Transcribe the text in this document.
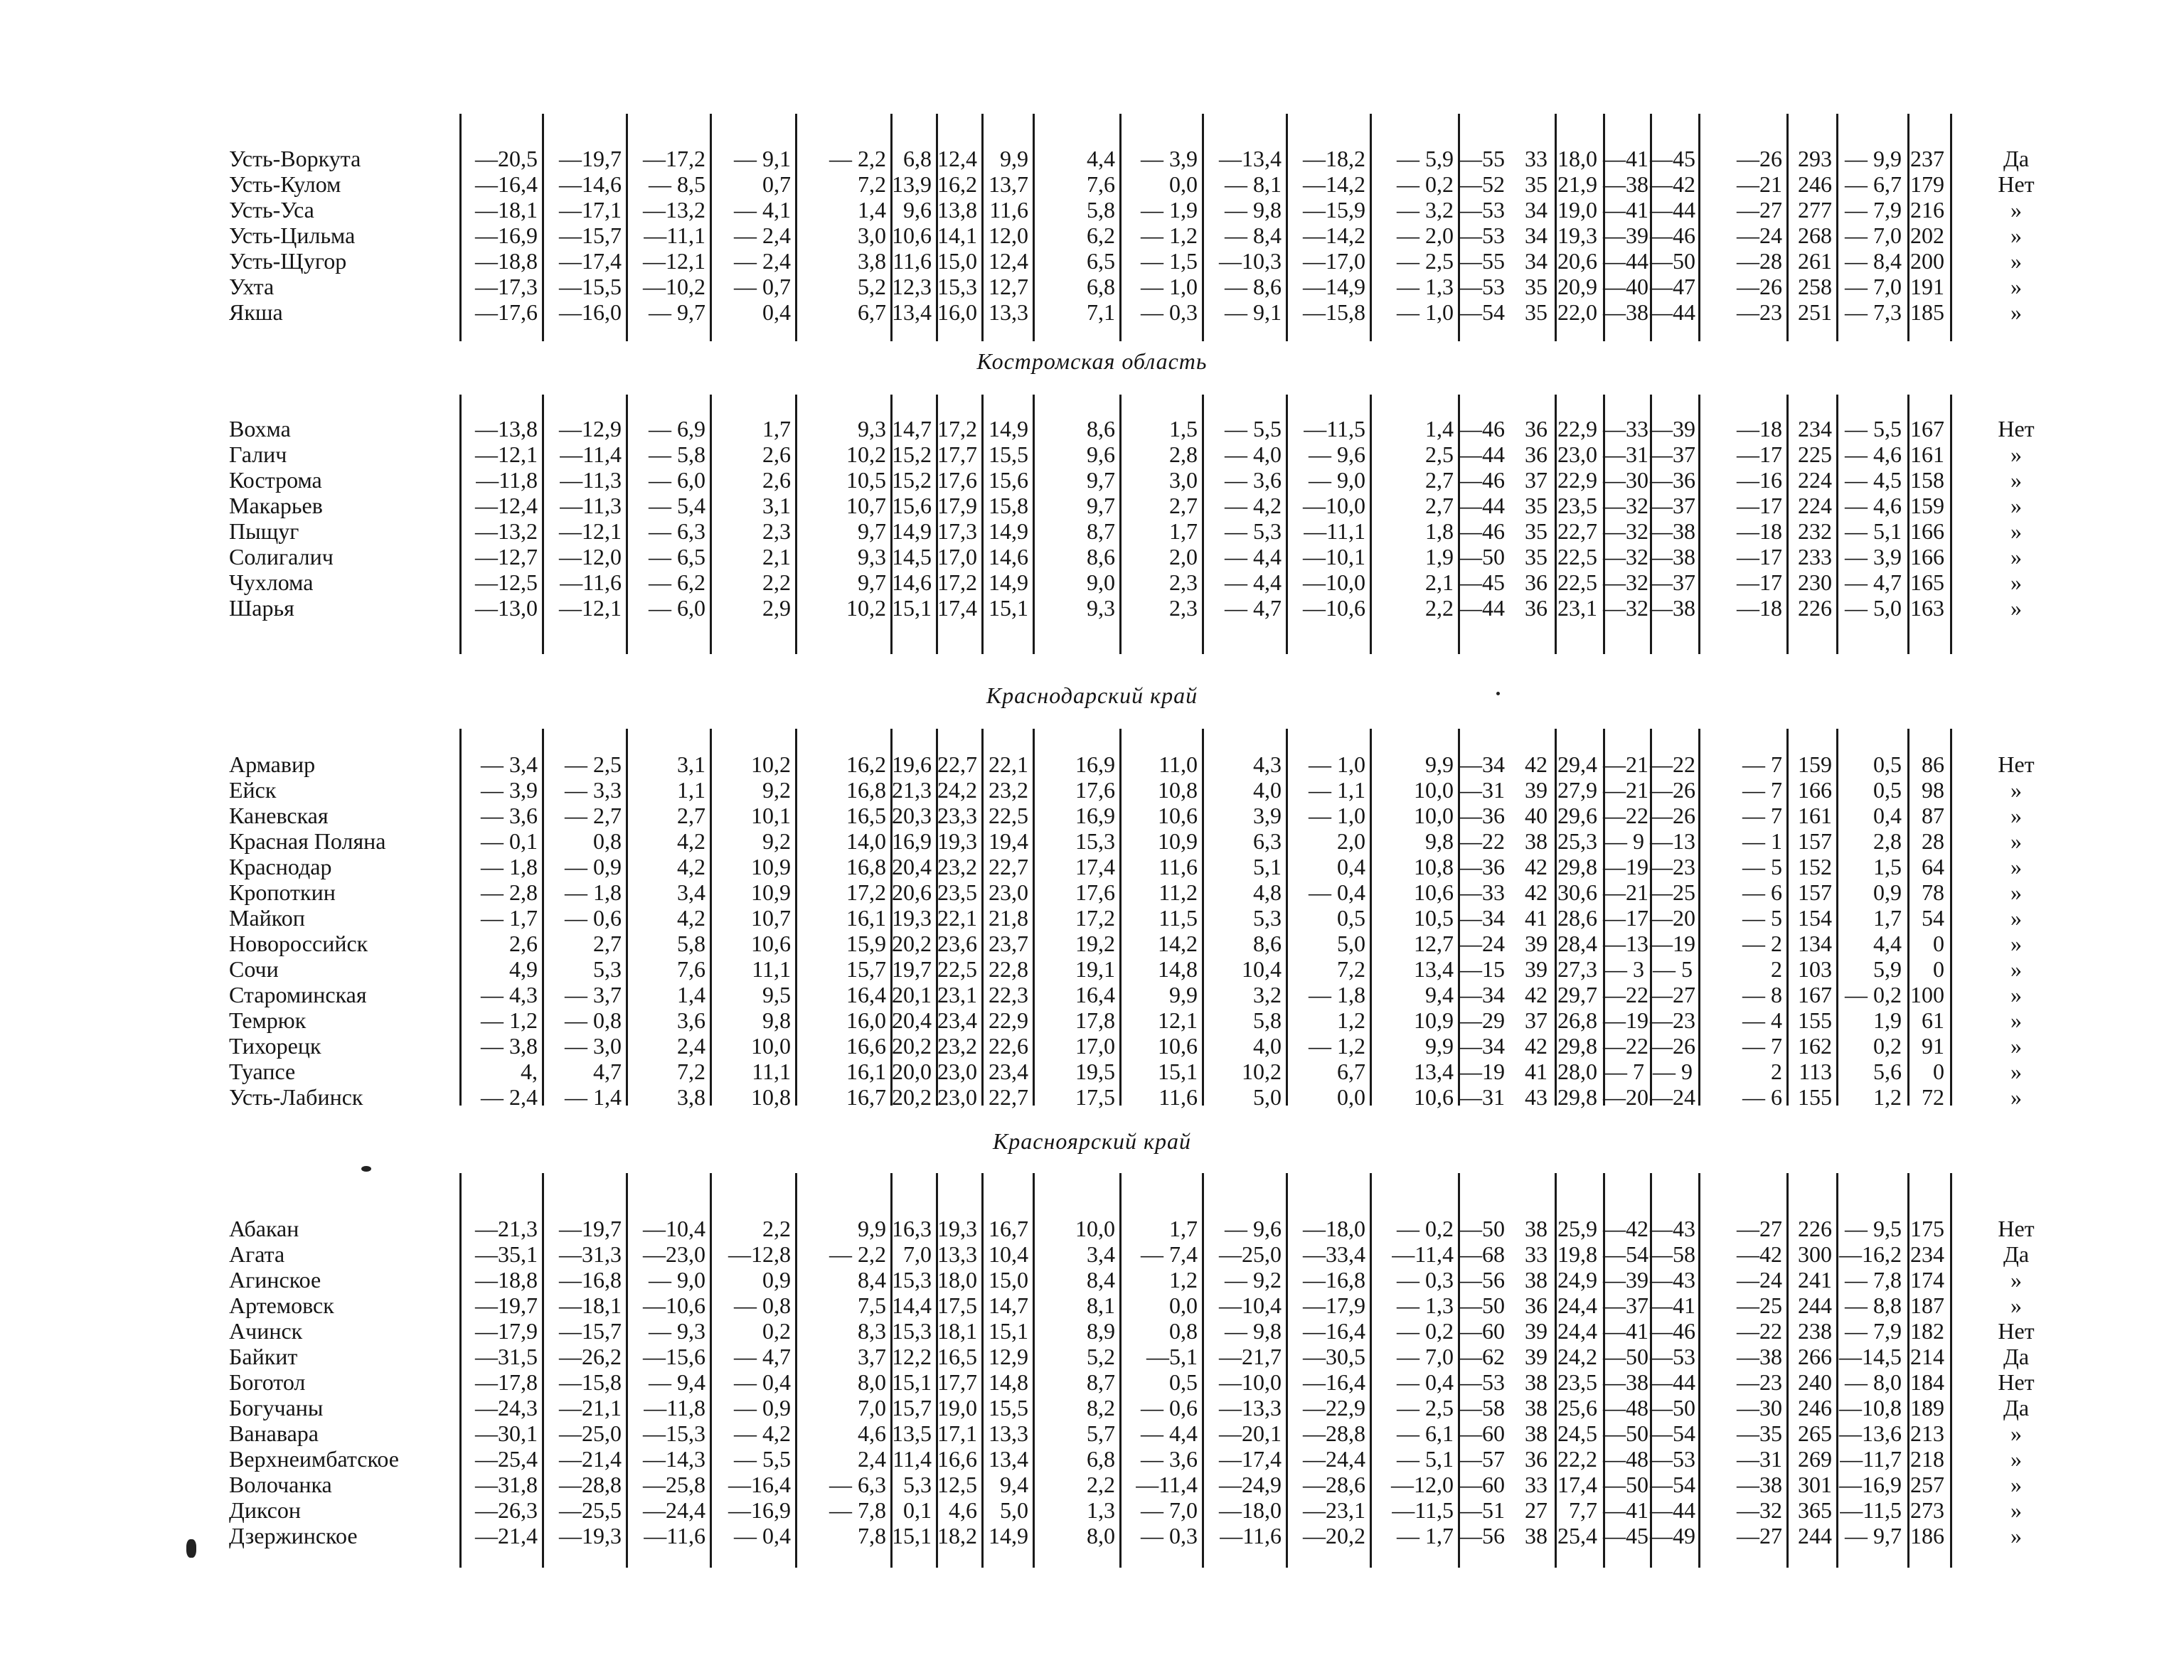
Усть-Воркута	—20,5 —19,7 —17,2	— 9,1	— 2,2 6,8 12,4	9,9	4,4	— 3,9 —13,4 —18,2	— 5,9 —55 33 18,0 —41 —45	—26 293 — 9,9 237	Да
Усть-Кулом	—16,4 —14,6	— 8,5	0,7	7,2 13,9 16,2 13,7	7,6	0,0	— 8,1 —14,2	— 0,2 —52 35 21,9 —38 —42	—21 246 — 6,7 179	Нет
Усть-Уса	—18,1 —17,1 —13,2	— 4,1	1,4 9,6 13,8 11,6	5,8	— 1,9	— 9,8 —15,9	— 3,2 —53 34 19,0 —41 —44	—27 277 — 7,9 216	»
Усть-Цильма	—16,9 —15,7 —11,1	— 2,4	3,0 10,6 14,1 12,0	6,2	— 1,2	— 8,4 —14,2	— 2,0 —53 34 19,3 —39 —46	—24 268 — 7,0 202	»
Усть-Щугор	—18,8 —17,4 —12,1	— 2,4	3,8 11,6 15,0 12,4	6,5	— 1,5 —10,3 —17,0	— 2,5 —55 34 20,6 —44 —50	—28 261 — 8,4 200	»
Ухта	—17,3 —15,5 —10,2	— 0,7	5,2 12,3 15,3 12,7	6,8	— 1,0	— 8,6 —14,9	— 1,3 —53 35 20,9 —40 —47	—26 258 — 7,0 191	»
Якша	—17,6 —16,0	— 9,7	0,4	6,7 13,4 16,0 13,3	7,1	— 0,3	— 9,1 —15,8	— 1,0 —54 35 22,0 —38 —44	—23 251 — 7,3 185	»
Костромская область
Вохма	—13,8 —12,9	— 6,9	1,7	9,3 14,7 17,2 14,9	8,6	1,5	— 5,5 —11,5	1,4 —46 36 22,9 —33 —39	—18 234 — 5,5 167	Нет
Галич	—12,1 —11,4	— 5,8	2,6	10,2 15,2 17,7 15,5	9,6	2,8	— 4,0	— 9,6	2,5 —44 36 23,0 —31 —37	—17 225 — 4,6 161	»
Кострома	—11,8 —11,3	— 6,0	2,6	10,5 15,2 17,6 15,6	9,7	3,0	— 3,6	— 9,0	2,7 —46 37 22,9 —30 —36	—16 224 — 4,5 158	»
Макарьев	—12,4 —11,3	— 5,4	3,1	10,7 15,6 17,9 15,8	9,7	2,7	— 4,2 —10,0	2,7 —44 35 23,5 —32 —37	—17 224 — 4,6 159	»
Пыщуг	—13,2 —12,1	— 6,3	2,3	9,7 14,9 17,3 14,9	8,7	1,7	— 5,3 —11,1	1,8 —46 35 22,7 —32 —38	—18 232 — 5,1 166	»
Солигалич	—12,7 —12,0	— 6,5	2,1	9,3 14,5 17,0 14,6	8,6	2,0	— 4,4 —10,1	1,9 —50 35 22,5 —32 —38	—17 233 — 3,9 166	»
Чухлома	—12,5 —11,6	— 6,2	2,2	9,7 14,6 17,2 14,9	9,0	2,3	— 4,4 —10,0	2,1 —45 36 22,5 —32 —37	—17 230 — 4,7 165	»
Шарья	—13,0 —12,1	— 6,0	2,9	10,2 15,1 17,4 15,1	9,3	2,3	— 4,7 —10,6	2,2 —44 36 23,1 —32 —38	—18 226 — 5,0 163	»
Краснодарский край
Армавир	— 3,4	— 2,5	3,1	10,2	16,2 19,6 22,7 22,1	16,9	11,0	4,3	— 1,0	9,9 —34 42 29,4 —21 —22	— 7 159	0,5 86	Нет
Ейск	— 3,9	— 3,3	1,1	9,2	16,8 21,3 24,2 23,2	17,6	10,8	4,0	— 1,1	10,0 —31 39 27,9 —21 —26	— 7 166	0,5 98	»
Каневская	— 3,6	— 2,7	2,7	10,1	16,5 20,3 23,3 22,5	16,9	10,6	3,9	— 1,0	10,0 —36 40 29,6 —22 —26	— 7 161	0,4 87	»
Красная Поляна	— 0,1	0,8	4,2	9,2	14,0 16,9 19,3 19,4	15,3	10,9	6,3	2,0	9,8 —22 38 25,3 — 9 —13	— 1 157	2,8 28	»
Краснодар	— 1,8	— 0,9	4,2	10,9	16,8 20,4 23,2 22,7	17,4	11,6	5,1	0,4	10,8 —36 42 29,8 —19 —23	— 5 152	1,5 64	»
Кропоткин	— 2,8	— 1,8	3,4	10,9	17,2 20,6 23,5 23,0	17,6	11,2	4,8	— 0,4	10,6 —33 42 30,6 —21 —25	— 6 157	0,9 78	»
Майкоп	— 1,7	— 0,6	4,2	10,7	16,1 19,3 22,1 21,8	17,2	11,5	5,3	0,5	10,5 —34 41 28,6 —17 —20	— 5 154	1,7 54	»
Новороссийск	2,6	2,7	5,8	10,6	15,9 20,2 23,6 23,7	19,2	14,2	8,6	5,0	12,7 —24 39 28,4 —13 —19	— 2 134	4,4	0	»
Сочи	4,9	5,3	7,6	11,1	15,7 19,7 22,5 22,8	19,1	14,8	10,4	7,2	13,4 —15 39 27,3 — 3 — 5	2 103	5,9	0	»
Староминская	— 4,3	— 3,7	1,4	9,5	16,4 20,1 23,1 22,3	16,4	9,9	3,2	— 1,8	9,4 —34 42 29,7 —22 —27	— 8 167 — 0,2 100	»
Темрюк	— 1,2	— 0,8	3,6	9,8	16,0 20,4 23,4 22,9	17,8	12,1	5,8	1,2	10,9 —29 37 26,8 —19 —23	— 4 155	1,9 61	»
Тихорецк	— 3,8	— 3,0	2,4	10,0	16,6 20,2 23,2 22,6	17,0	10,6	4,0	— 1,2	9,9 —34 42 29,8 —22 —26	— 7 162	0,2 91	»
Туапсе	4,	4,7	7,2	11,1	16,1 20,0 23,0 23,4	19,5	15,1	10,2	6,7	13,4 —19 41 28,0 — 7 — 9	2 113	5,6	0	»
Усть-Лабинск	— 2,4	— 1,4	3,8	10,8	16,7 20,2 23,0 22,7	17,5	11,6	5,0	0,0	10,6 —31 43 29,8 —20 —24	— 6 155	1,2 72	»
Красноярский край
Абакан	—21,3 —19,7 —10,4	2,2	9,9 16,3 19,3 16,7	10,0	1,7	— 9,6 —18,0	— 0,2 —50 38 25,9 —42 —43	—27 226 — 9,5 175	Нет
Агата	—35,1 —31,3 —23,0	—12,8	— 2,2 7,0 13,3 10,4	3,4	— 7,4 —25,0 —33,4	—11,4 —68 33 19,8 —54 —58	—42 300 —16,2 234	Да
Агинское	—18,8 —16,8	— 9,0	0,9	8,4 15,3 18,0 15,0	8,4	1,2	— 9,2 —16,8	— 0,3 —56 38 24,9 —39 —43	—24 241 — 7,8 174	»
Артемовск	—19,7 —18,1 —10,6	— 0,8	7,5 14,4 17,5 14,7	8,1	0,0 —10,4 —17,9	— 1,3 —50 36 24,4 —37 —41	—25 244 — 8,8 187	»
Ачинск	—17,9 —15,7	— 9,3	0,2	8,3 15,3 18,1 15,1	8,9	0,8	— 9,8 —16,4	— 0,2 —60 39 24,4 —41 —46	—22 238 — 7,9 182	Нет
Байкит	—31,5 —26,2 —15,6	— 4,7	3,7 12,2 16,5 12,9	5,2	—5,1 —21,7 —30,5	— 7,0 —62 39 24,2 —50 —53	—38 266 —14,5 214	Да
Боготол	—17,8 —15,8	— 9,4	— 0,4	8,0 15,1 17,7 14,8	8,7	0,5 —10,0 —16,4	— 0,4 —53 38 23,5 —38 —44	—23 240 — 8,0 184	Нет
Богучаны	—24,3 —21,1 —11,8	— 0,9	7,0 15,7 19,0 15,5	8,2	— 0,6 —13,3 —22,9	— 2,5 —58 38 25,6 —48 —50	—30 246 —10,8 189	Да
Ванавара	—30,1 —25,0 —15,3	— 4,2	4,6 13,5 17,1 13,3	5,7	— 4,4 —20,1 —28,8	— 6,1 —60 38 24,5 —50 —54	—35 265 —13,6 213	»
Верхнеимбатское	—25,4 —21,4 —14,3	— 5,5	2,4 11,4 16,6 13,4	6,8	— 3,6 —17,4 —24,4	— 5,1 —57 36 22,2 —48 —53	—31 269 —11,7 218	»
Волочанка	—31,8 —28,8 —25,8	—16,4	— 6,3 5,3 12,5	9,4	2,2 —11,4 —24,9 —28,6	—12,0 —60 33 17,4 —50 —54	—38 301 —16,9 257	»
Диксон	—26,3 —25,5 —24,4	—16,9	— 7,8 0,1 4,6	5,0	1,3	— 7,0 —18,0 —23,1	—11,5 —51 27 7,7 —41 —44	—32 365 —11,5 273	»
Дзержинское	—21,4 —19,3 —11,6	— 0,4	7,8 15,1 18,2 14,9	8,0	— 0,3 —11,6 —20,2	— 1,7 —56 38 25,4 —45 —49	—27 244 — 9,7 186	»
